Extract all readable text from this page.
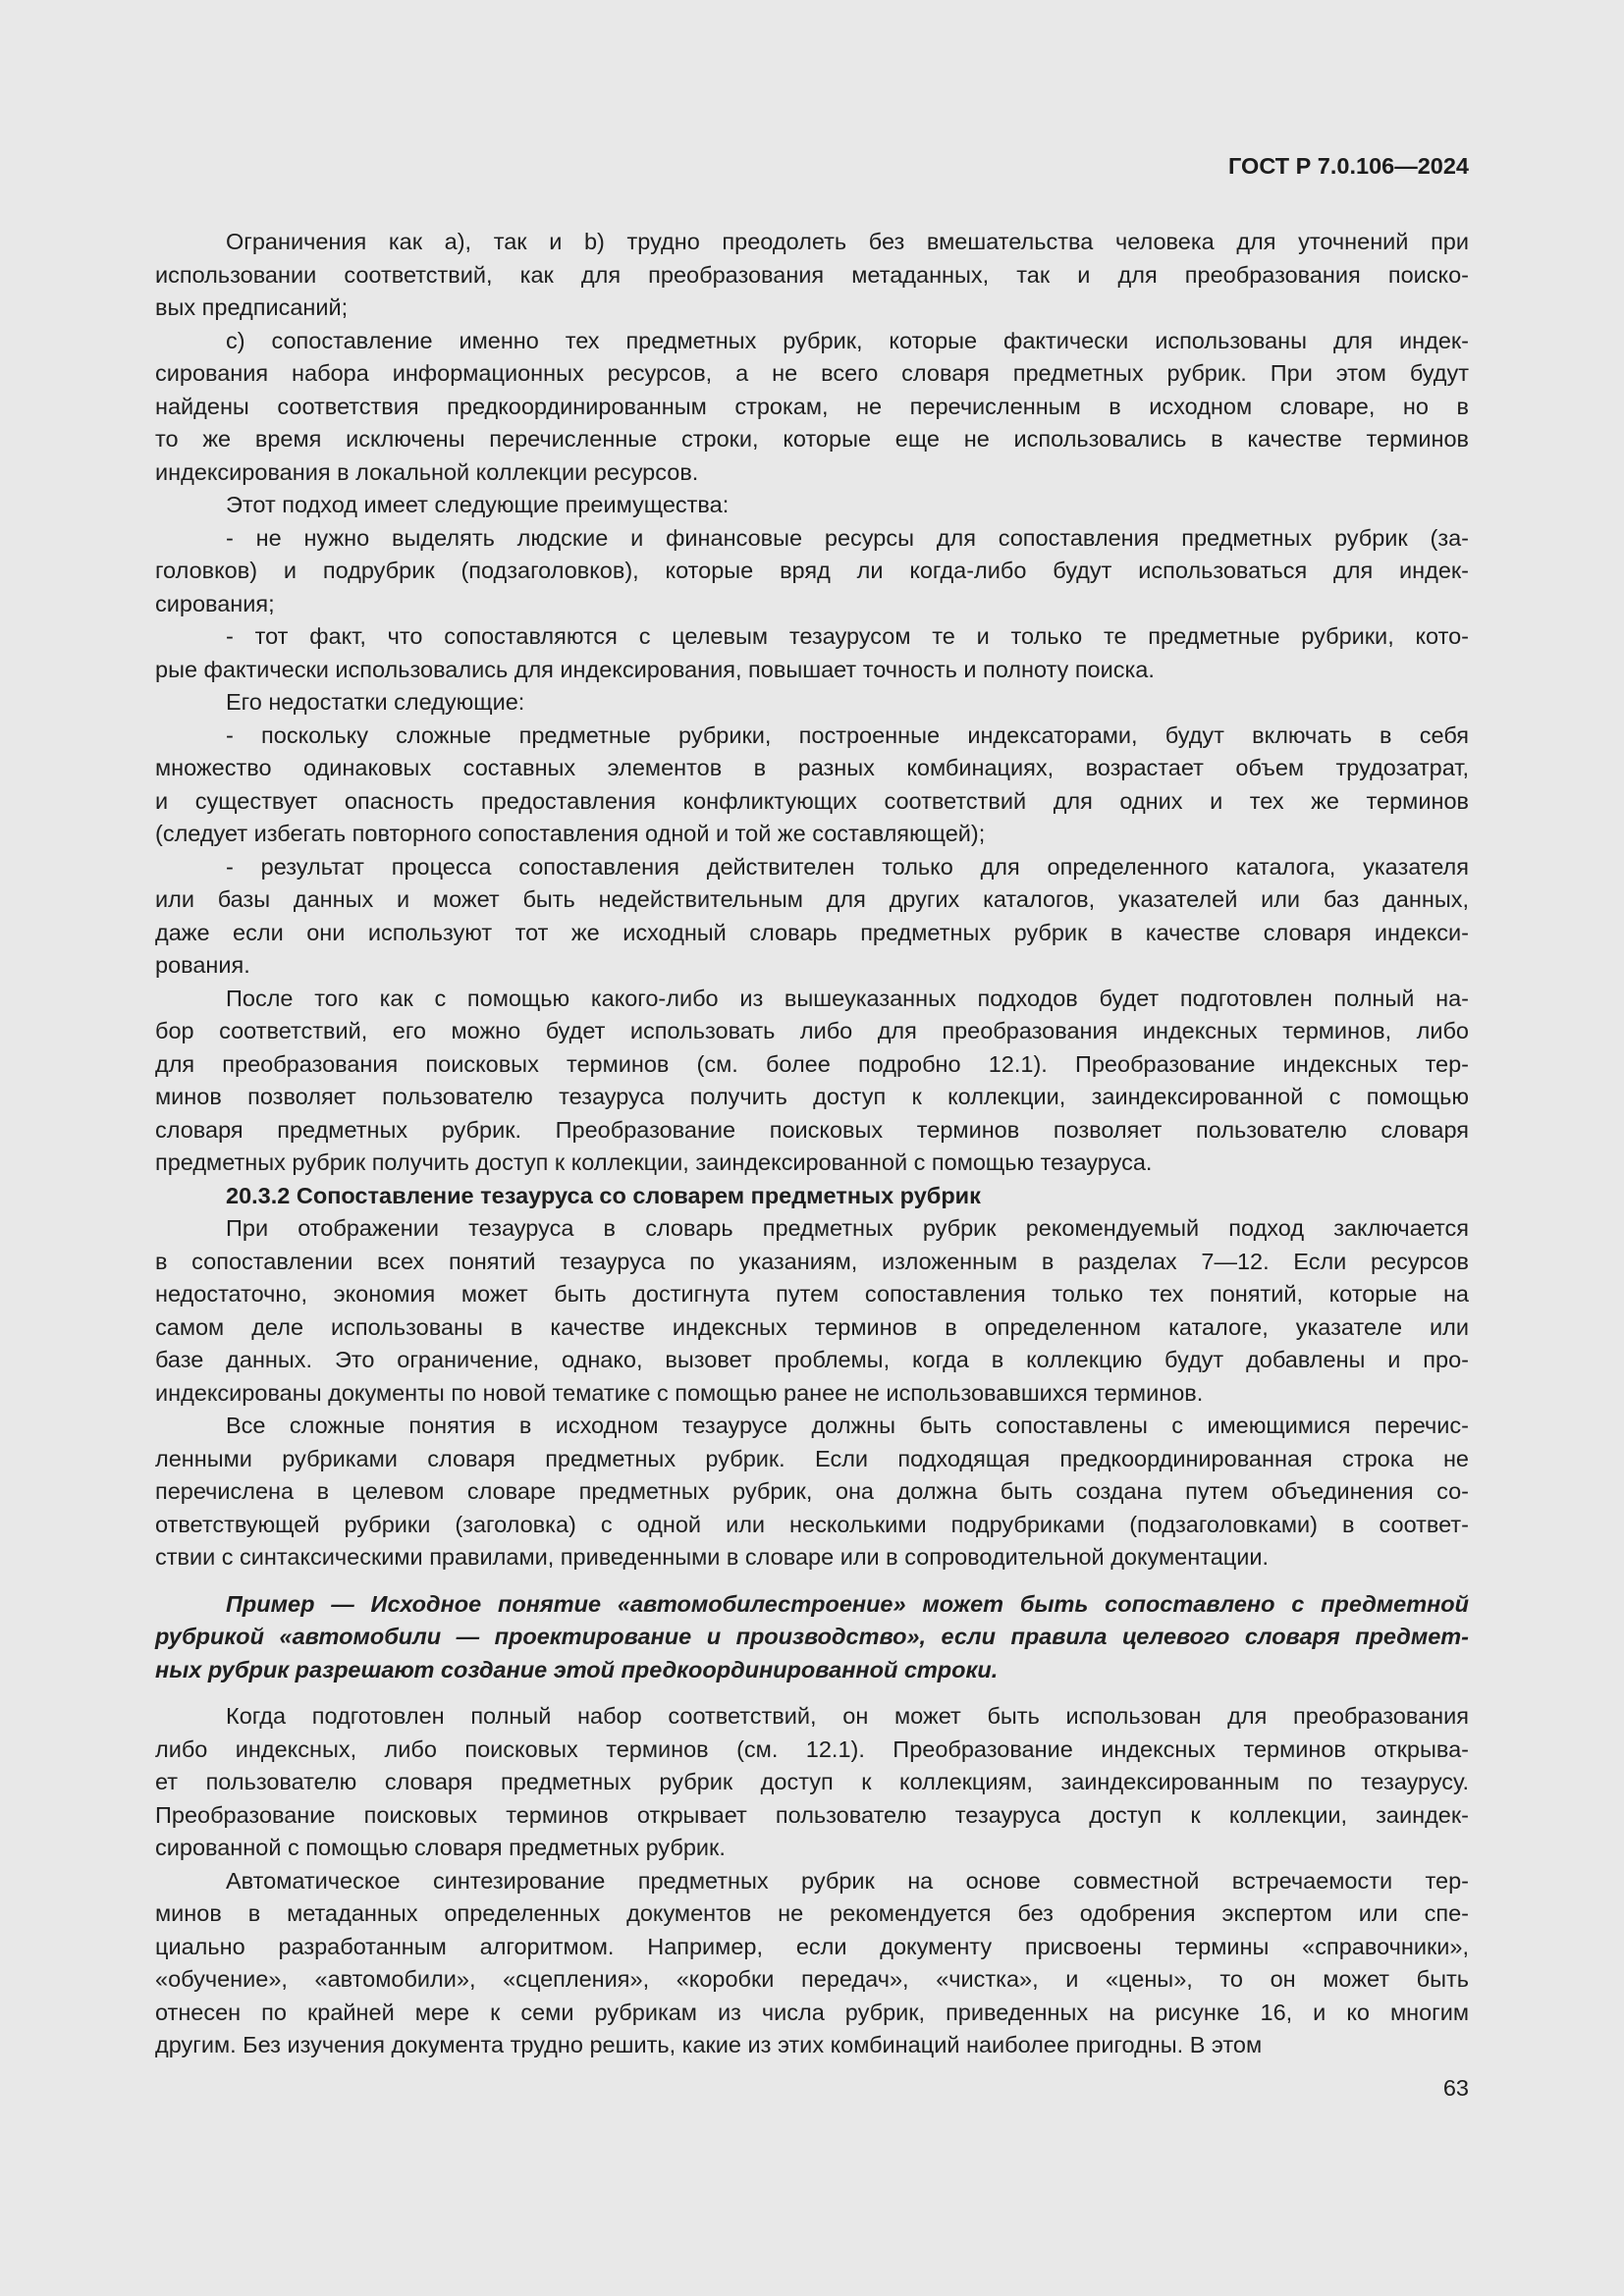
ГОСТ Р 7.0.106—2024
Ограничения как а), так и b) трудно преодолеть без вмешательства человека для уточнений при
использовании соответствий, как для преобразования метаданных, так и для преобразования поиско-
вых предписаний;
c) сопоставление именно тех предметных рубрик, которые фактически использованы для индек-
сирования набора информационных ресурсов, а не всего словаря предметных рубрик. При этом будут
найдены соответствия предкоординированным строкам, не перечисленным в исходном словаре, но в
то же время исключены перечисленные строки, которые еще не использовались в качестве терминов
индексирования в локальной коллекции ресурсов.
Этот подход имеет следующие преимущества:
- не нужно выделять людские и финансовые ресурсы для сопоставления предметных рубрик (за-
головков) и подрубрик (подзаголовков), которые вряд ли когда-либо будут использоваться для индек-
сирования;
- тот факт, что сопоставляются с целевым тезаурусом те и только те предметные рубрики, кото-
рые фактически использовались для индексирования, повышает точность и полноту поиска.
Его недостатки следующие:
- поскольку сложные предметные рубрики, построенные индексаторами, будут включать в себя
множество одинаковых составных элементов в разных комбинациях, возрастает объем трудозатрат,
и существует опасность предоставления конфликтующих соответствий для одних и тех же терминов
(следует избегать повторного сопоставления одной и той же составляющей);
- результат процесса сопоставления действителен только для определенного каталога, указателя
или базы данных и может быть недействительным для других каталогов, указателей или баз данных,
даже если они используют тот же исходный словарь предметных рубрик в качестве словаря индекси-
рования.
После того как с помощью какого-либо из вышеуказанных подходов будет подготовлен полный на-
бор соответствий, его можно будет использовать либо для преобразования индексных терминов, либо
для преобразования поисковых терминов (см. более подробно 12.1). Преобразование индексных тер-
минов позволяет пользователю тезауруса получить доступ к коллекции, заиндексированной с помощью
словаря предметных рубрик. Преобразование поисковых терминов позволяет пользователю словаря
предметных рубрик получить доступ к коллекции, заиндексированной с помощью тезауруса.
20.3.2 Сопоставление тезауруса со словарем предметных рубрик
При отображении тезауруса в словарь предметных рубрик рекомендуемый подход заключается
в сопоставлении всех понятий тезауруса по указаниям, изложенным в разделах 7—12. Если ресурсов
недостаточно, экономия может быть достигнута путем сопоставления только тех понятий, которые на
самом деле использованы в качестве индексных терминов в определенном каталоге, указателе или
базе данных. Это ограничение, однако, вызовет проблемы, когда в коллекцию будут добавлены и про-
индексированы документы по новой тематике с помощью ранее не использовавшихся терминов.
Все сложные понятия в исходном тезаурусе должны быть сопоставлены с имеющимися перечис-
ленными рубриками словаря предметных рубрик. Если подходящая предкоординированная строка не
перечислена в целевом словаре предметных рубрик, она должна быть создана путем объединения со-
ответствующей рубрики (заголовка) с одной или несколькими подрубриками (подзаголовками) в соответ-
ствии с синтаксическими правилами, приведенными в словаре или в сопроводительной документации.
Пример — Исходное понятие «автомобилестроение» может быть сопоставлено с предметной
рубрикой «автомобили — проектирование и производство», если правила целевого словаря предмет-
ных рубрик разрешают создание этой предкоординированной строки.
Когда подготовлен полный набор соответствий, он может быть использован для преобразования
либо индексных, либо поисковых терминов (см. 12.1). Преобразование индексных терминов открыва-
ет пользователю словаря предметных рубрик доступ к коллекциям, заиндексированным по тезаурусу.
Преобразование поисковых терминов открывает пользователю тезауруса доступ к коллекции, заиндек-
сированной с помощью словаря предметных рубрик.
Автоматическое синтезирование предметных рубрик на основе совместной встречаемости тер-
минов в метаданных определенных документов не рекомендуется без одобрения экспертом или спе-
циально разработанным алгоритмом. Например, если документу присвоены термины «справочники»,
«обучение», «автомобили», «сцепления», «коробки передач», «чистка», и «цены», то он может быть
отнесен по крайней мере к семи рубрикам из числа рубрик, приведенных на рисунке 16, и ко многим
другим. Без изучения документа трудно решить, какие из этих комбинаций наиболее пригодны. В этом
63
